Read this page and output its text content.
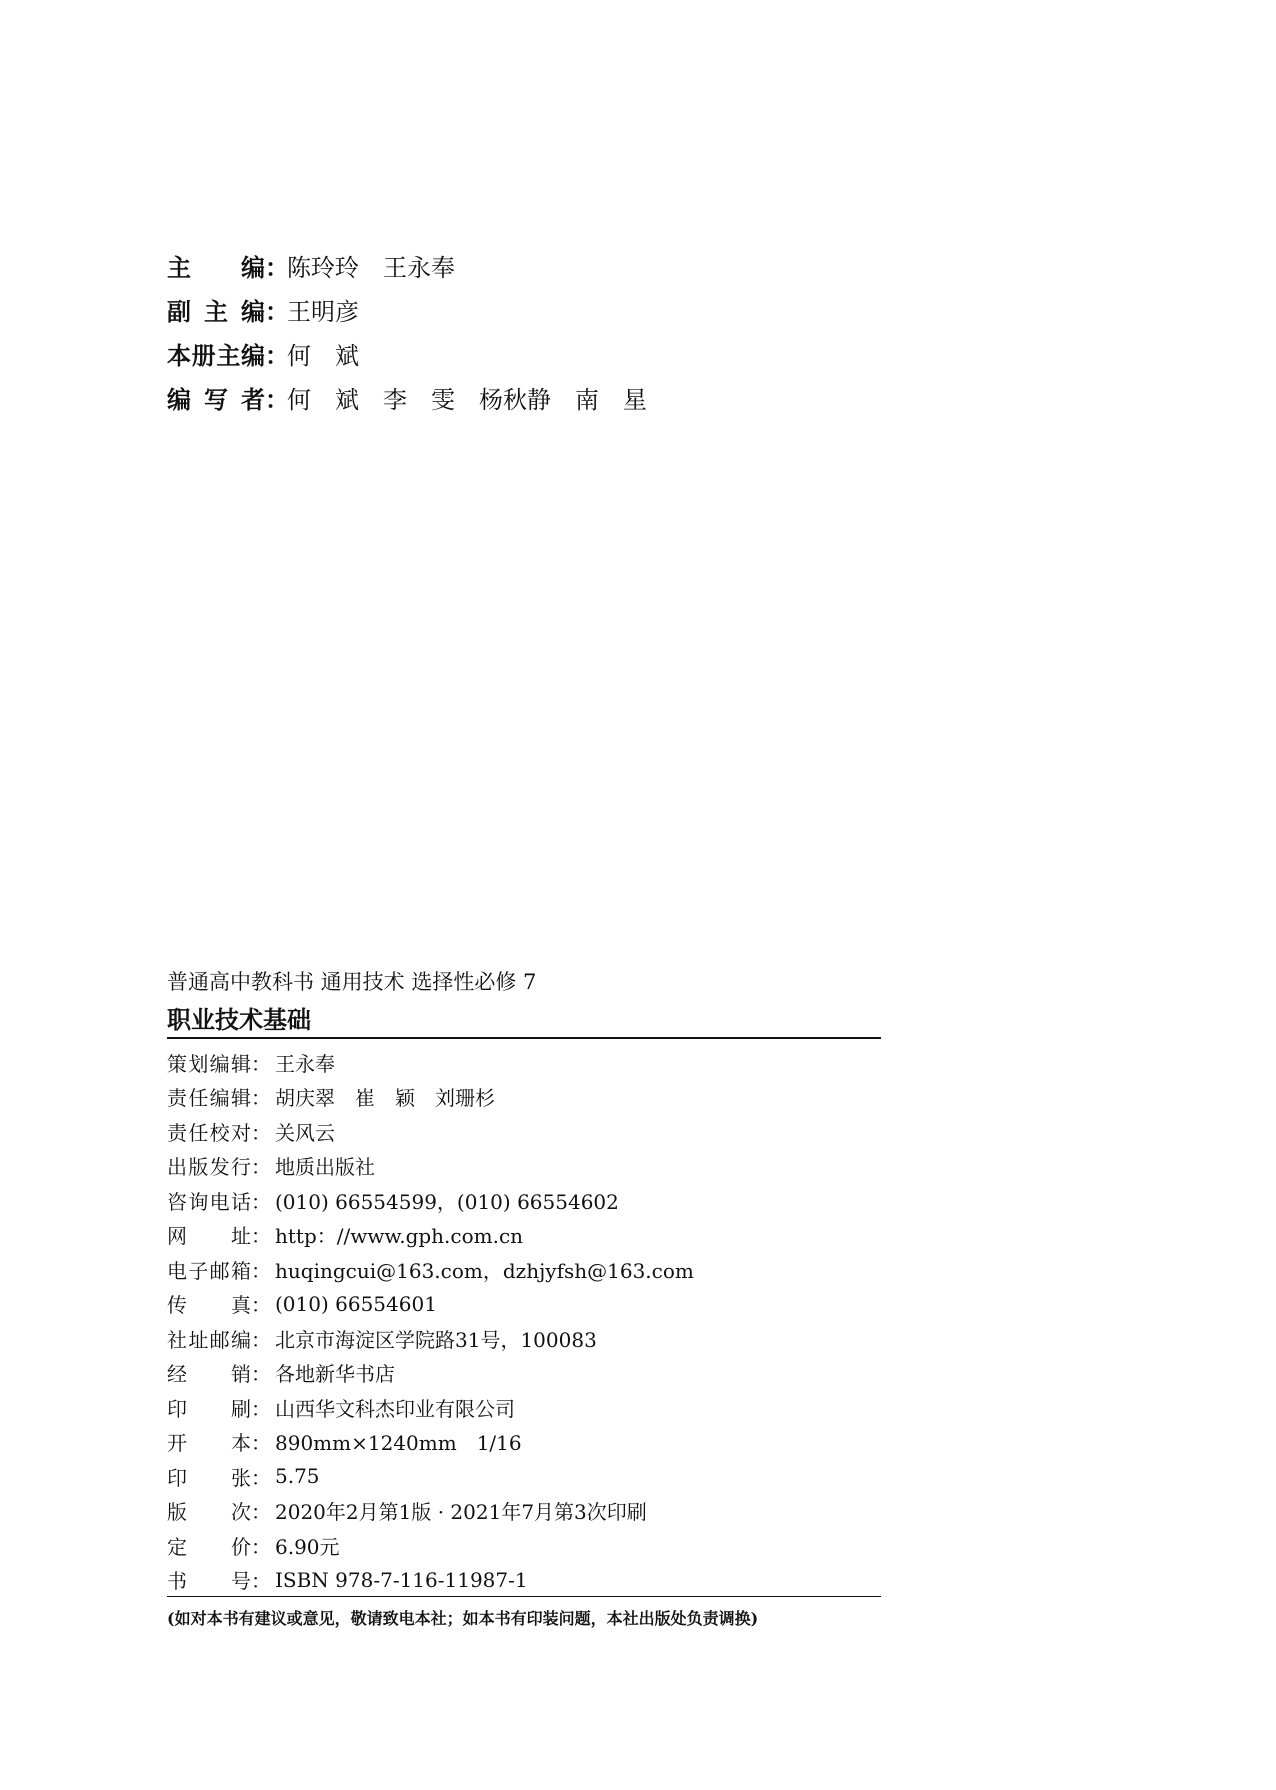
主 编 ：
陈玲玲　王永奉
副 主 编 ：
王明彦
本 册 主 编 ：
何　斌
编 写 者 ：
何　斌　李　雯　杨秋静　南　星
普通高中教科书 通用技术 选择性必修 7
职业技术基础
策 划 编 辑 ： 王永奉
责 任 编 辑 ： 胡庆翠　崔　颖　刘珊杉
责 任 校 对 ： 关风云
出 版 发 行 ： 地质出版社
咨 询 电 话 ： (010) 66554599，(010) 66554602
网 址 ： http：//www.gph.com.cn
电 子 邮 箱 ： huqingcui@163.com，dzhjyfsh@163.com
传 真 ： (010) 66554601
社 址 邮 编 ： 北京市海淀区学院路31号，100083
经 销 ： 各地新华书店
印 刷 ： 山西华文科杰印业有限公司
开 本 ： 890mm×1240mm　1/16
印 张 ： 5.75
版 次 ： 2020年2月第1版 · 2021年7月第3次印刷
定 价 ： 6.90元
书 号 ： ISBN 978-7-116-11987-1
(如对本书有建议或意见，敬请致电本社；如本书有印装问题，本社出版处负责调换)
